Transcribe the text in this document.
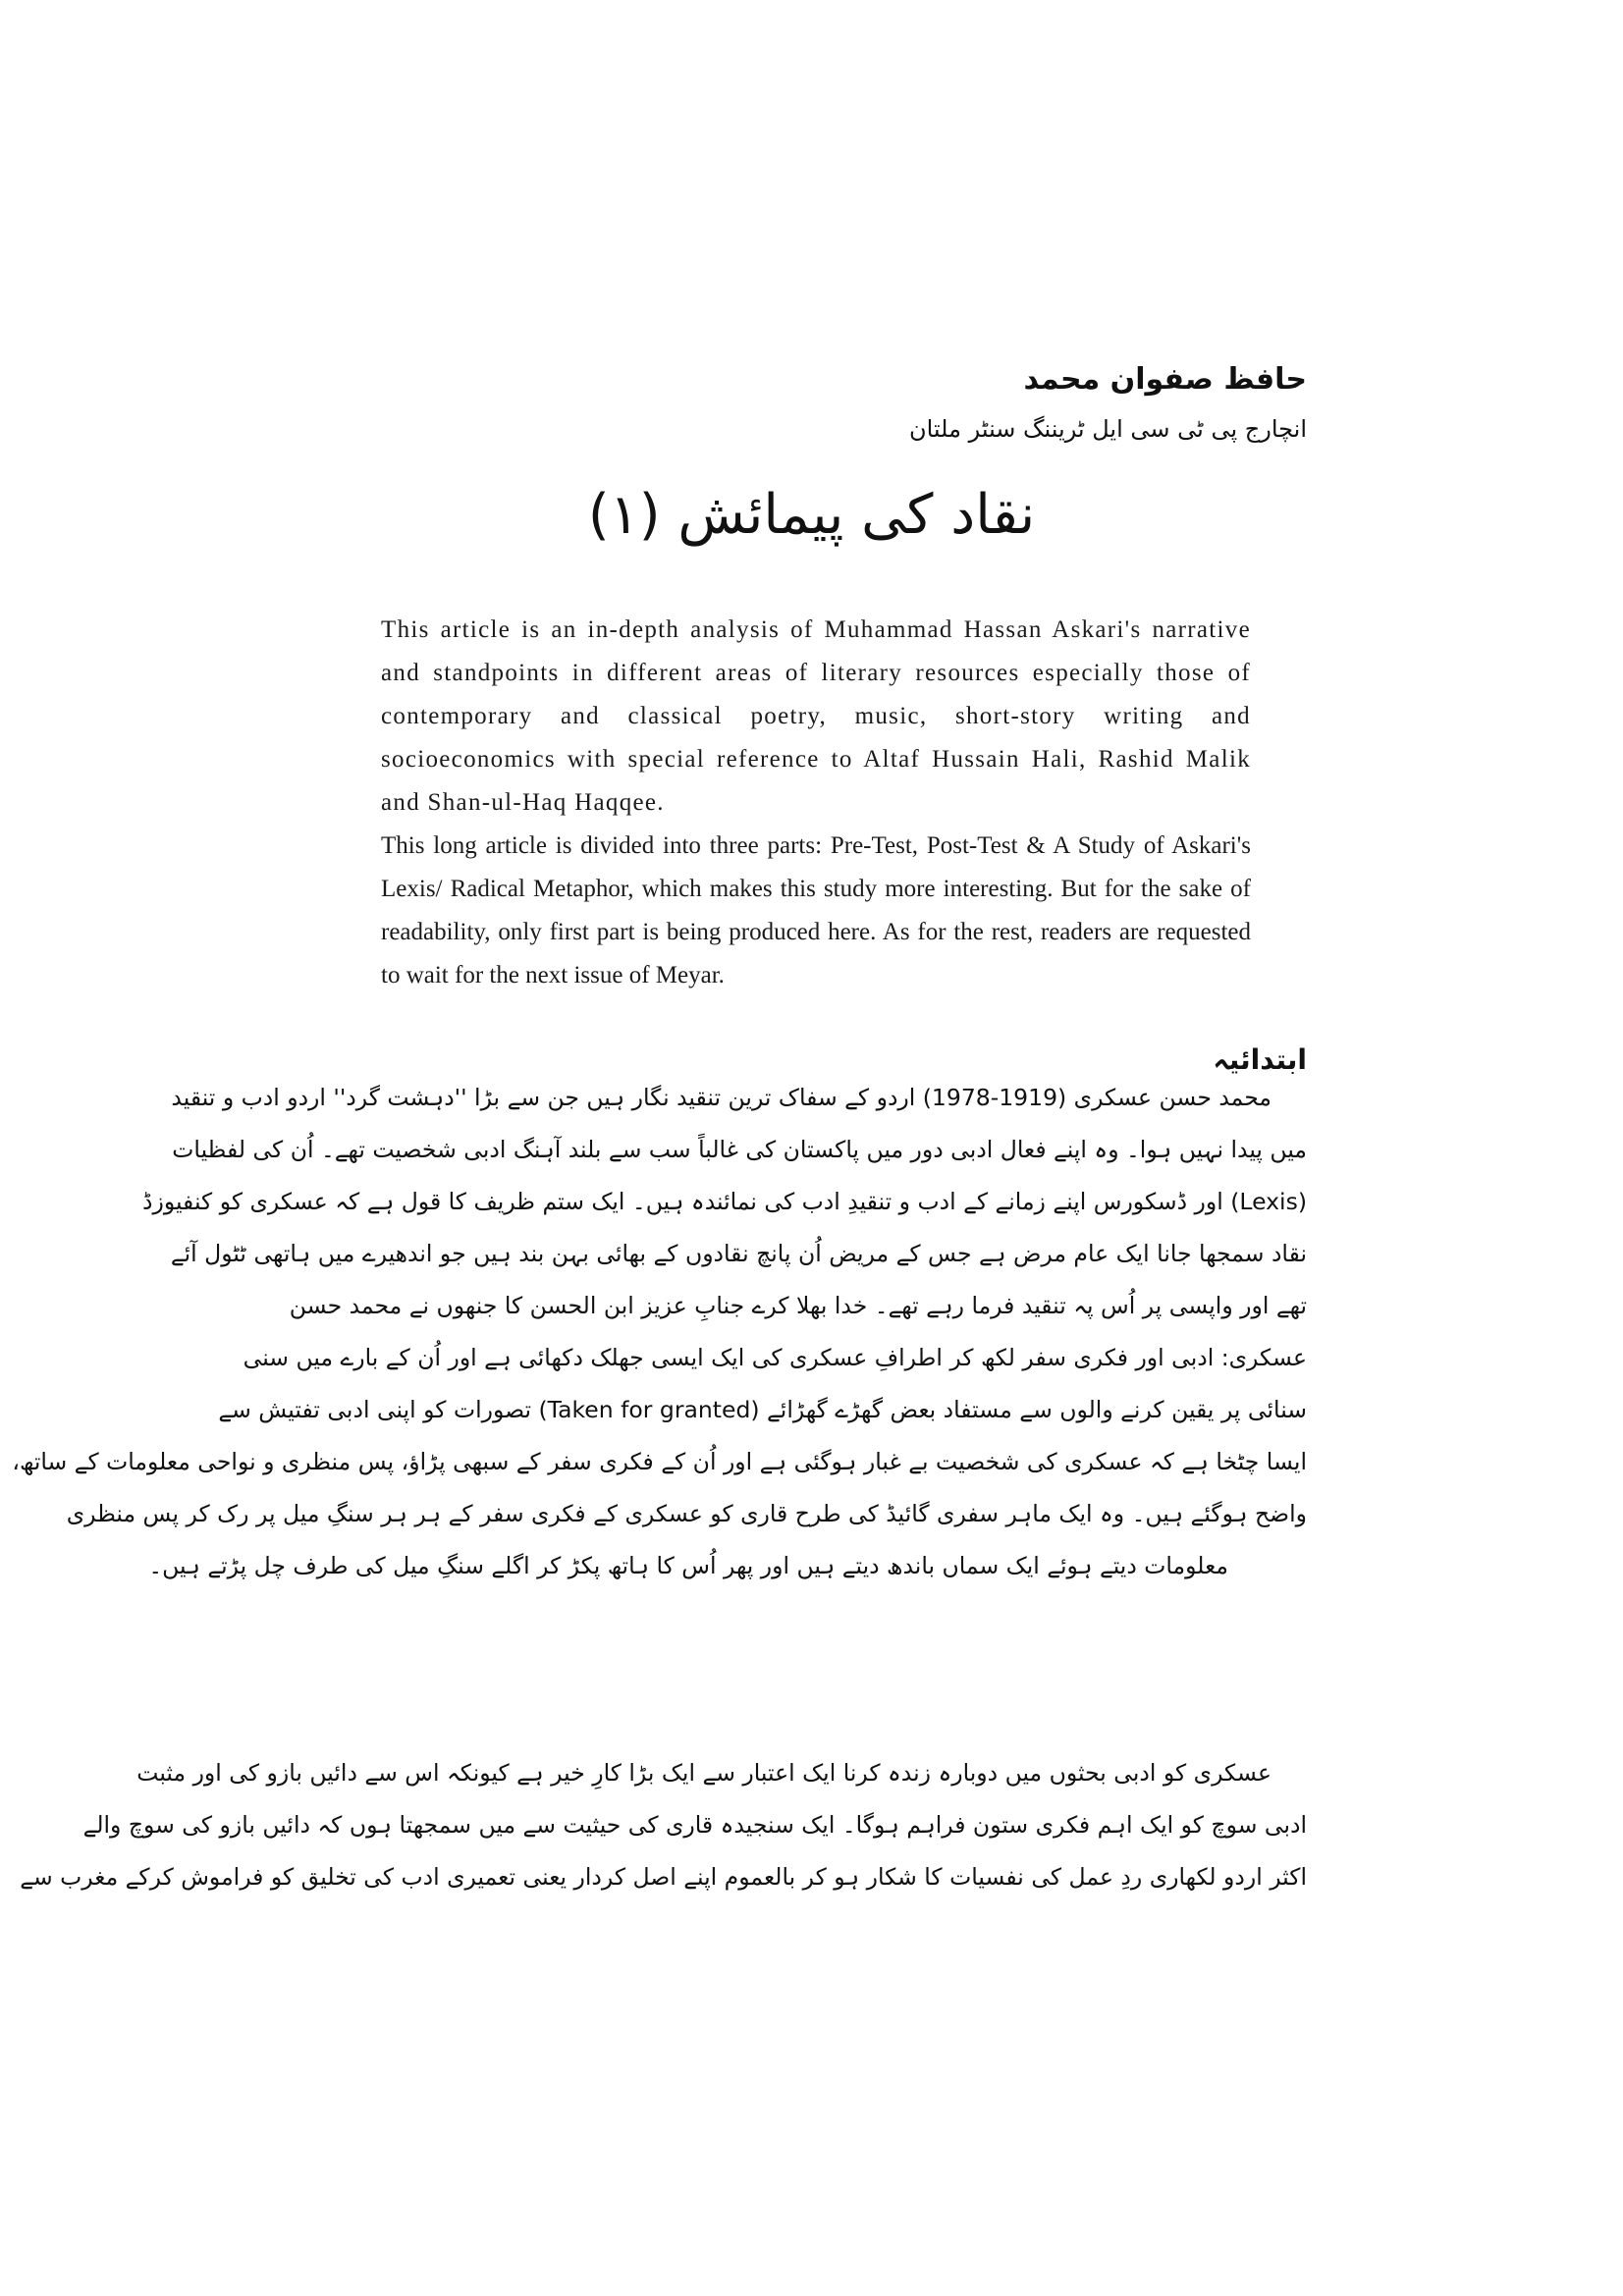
حافظ صفوان محمد
انچارج پی ٹی سی ایل ٹریننگ سنٹر ملتان
نقاد کی پیمائش (۱)

This article is an in-depth analysis of Muhammad Hassan Askari's narrative and standpoints in different areas of literary resources especially those of contemporary and classical poetry, music, short-story writing and socioeconomics with special reference to Altaf Hussain Hali, Rashid Malik and Shan-ul-Haq Haqqee.

This long article is divided into three parts: Pre-Test, Post-Test & A Study of Askari's Lexis/ Radical Metaphor, which makes this study more interesting. But for the sake of readability, only first part is being produced here. As for the rest, readers are requested to wait for the next issue of Meyar.

ابتدائیہ
محمد حسن عسکری (1919-1978) اردو کے سفاک ترین تنقید نگار ہیں جن سے بڑا ''دہشت گرد'' اردو ادب و تنقید
میں پیدا نہیں ہوا۔ وہ اپنے فعال ادبی دور میں پاکستان کی غالباً سب سے بلند آہنگ ادبی شخصیت تھے۔ اُن کی لفظیات
(Lexis) اور ڈسکورس اپنے زمانے کے ادب و تنقیدِ ادب کی نمائندہ ہیں۔ ایک ستم ظریف کا قول ہے کہ عسکری کو کنفیوزڈ
نقاد سمجھا جانا ایک عام مرض ہے جس کے مریض اُن پانچ نقادوں کے بھائی بہن بند ہیں جو اندھیرے میں ہاتھی ٹٹول آئے
تھے اور واپسی پر اُس پہ تنقید فرما رہے تھے۔ خدا بھلا کرے جنابِ عزیز ابن الحسن کا جنھوں نے محمد حسن
عسکری: ادبی اور فکری سفر لکھ کر اطرافِ عسکری کی ایک ایسی جھلک دکھائی ہے اور اُن کے بارے میں سنی
سنائی پر یقین کرنے والوں سے مستفاد بعض گھڑے گھڑائے (Taken for granted) تصورات کو اپنی ادبی تفتیش سے
ایسا چٹخا ہے کہ عسکری کی شخصیت بے غبار ہوگئی ہے اور اُن کے فکری سفر کے سبھی پڑاؤ، پس منظری و نواحی معلومات کے ساتھ،
واضح ہوگئے ہیں۔ وہ ایک ماہر سفری گائیڈ کی طرح قاری کو عسکری کے فکری سفر کے ہر ہر سنگِ میل پر رک کر پس منظری
معلومات دیتے ہوئے ایک سماں باندھ دیتے ہیں اور پھر اُس کا ہاتھ پکڑ کر اگلے سنگِ میل کی طرف چل پڑتے ہیں۔
عسکری کو ادبی بحثوں میں دوبارہ زندہ کرنا ایک اعتبار سے ایک بڑا کارِ خیر ہے کیونکہ اس سے دائیں بازو کی اور مثبت
ادبی سوچ کو ایک اہم فکری ستون فراہم ہوگا۔ ایک سنجیدہ قاری کی حیثیت سے میں سمجھتا ہوں کہ دائیں بازو کی سوچ والے
اکثر اردو لکھاری ردِ عمل کی نفسیات کا شکار ہو کر بالعموم اپنے اصل کردار یعنی تعمیری ادب کی تخلیق کو فراموش کرکے مغرب سے
